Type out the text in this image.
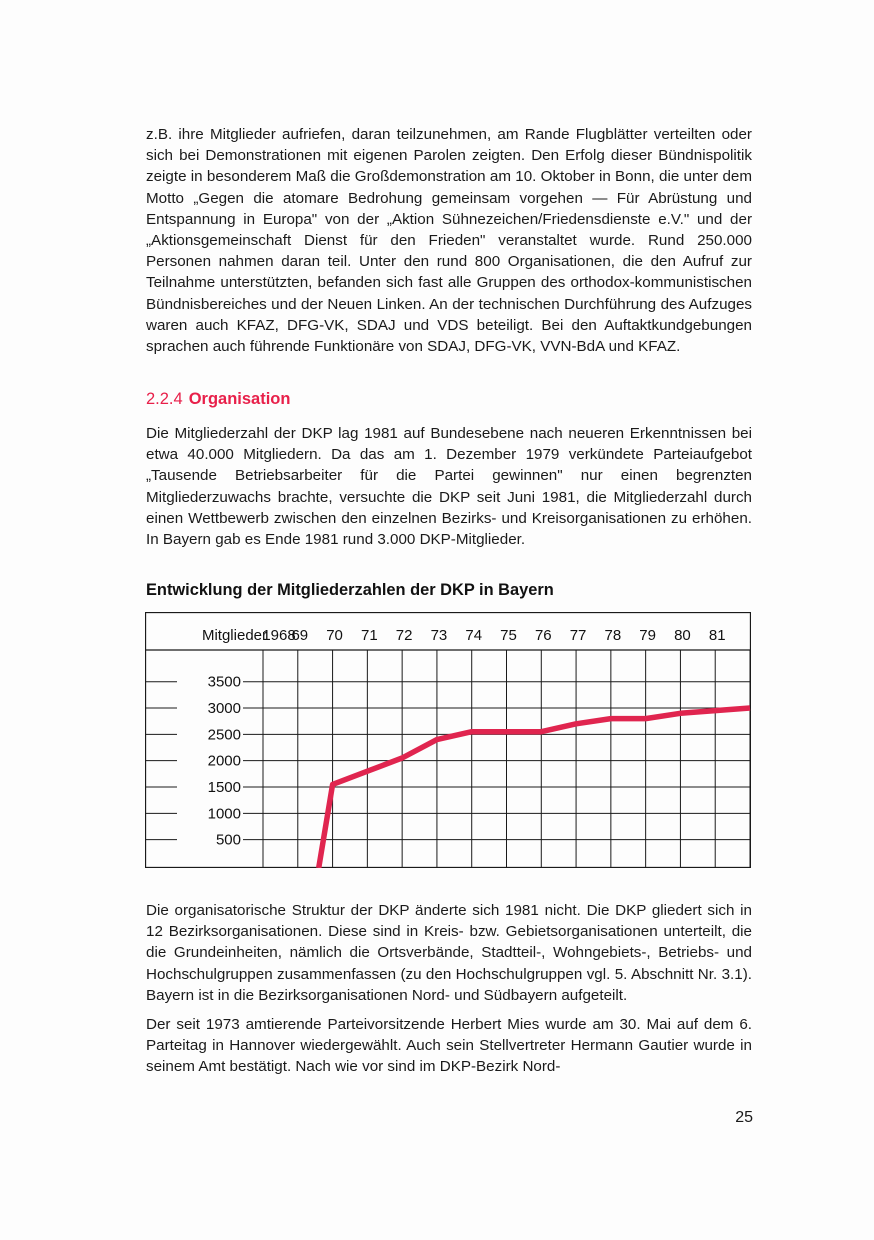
z.B. ihre Mitglieder aufriefen, daran teilzunehmen, am Rande Flugblätter verteilten oder sich bei Demonstrationen mit eigenen Parolen zeigten. Den Erfolg dieser Bündnispolitik zeigte in besonderem Maß die Großdemonstration am 10. Oktober in Bonn, die unter dem Motto „Gegen die atomare Bedrohung gemeinsam vorgehen — Für Abrüstung und Entspannung in Europa" von der „Aktion Sühnezeichen/Friedensdienste e.V." und der „Aktionsgemeinschaft Dienst für den Frieden" veranstaltet wurde. Rund 250.000 Personen nahmen daran teil. Unter den rund 800 Organisationen, die den Aufruf zur Teilnahme unterstützten, befanden sich fast alle Gruppen des orthodox-kommunistischen Bündnisbereiches und der Neuen Linken. An der technischen Durchführung des Aufzuges waren auch KFAZ, DFG-VK, SDAJ und VDS beteiligt. Bei den Auftaktkundgebungen sprachen auch führende Funktionäre von SDAJ, DFG-VK, VVN-BdA und KFAZ.

2.2.4 Organisation

Die Mitgliederzahl der DKP lag 1981 auf Bundesebene nach neueren Erkenntnissen bei etwa 40.000 Mitgliedern. Da das am 1. Dezember 1979 verkündete Parteiaufgebot „Tausende Betriebsarbeiter für die Partei gewinnen" nur einen begrenzten Mitgliederzuwachs brachte, versuchte die DKP seit Juni 1981, die Mitgliederzahl durch einen Wettbewerb zwischen den einzelnen Bezirks- und Kreisorganisationen zu erhöhen. In Bayern gab es Ende 1981 rund 3.000 DKP-Mitglieder.

Entwicklung der Mitgliederzahlen der DKP in Bayern
3500
3000
2500
2000
1500
1000
500
Mitglieder
1968
69 70 71 72 73 74 75 76 77 78 79 80 81

Die organisatorische Struktur der DKP änderte sich 1981 nicht. Die DKP gliedert sich in 12 Bezirksorganisationen. Diese sind in Kreis- bzw. Gebietsorganisationen unterteilt, die die Grundeinheiten, nämlich die Ortsverbände, Stadtteil-, Wohngebiets-, Betriebs- und Hochschulgruppen zusammenfassen (zu den Hochschulgruppen vgl. 5. Abschnitt Nr. 3.1). Bayern ist in die Bezirksorganisationen Nord- und Südbayern aufgeteilt.

Der seit 1973 amtierende Parteivorsitzende Herbert Mies wurde am 30. Mai auf dem 6. Parteitag in Hannover wiedergewählt. Auch sein Stellvertreter Hermann Gautier wurde in seinem Amt bestätigt. Nach wie vor sind im DKP-Bezirk Nord-

25
